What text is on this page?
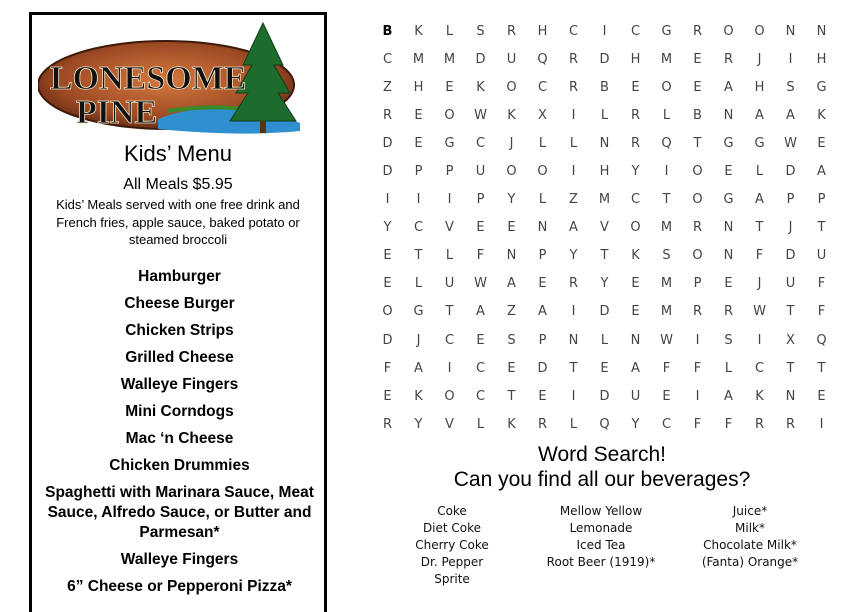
LONESOME
PINE
Kids’ Menu
All Meals $5.95
Kids’ Meals served with one free drink and French fries, apple sauce, baked potato or steamed broccoli
Hamburger
Cheese Burger
Chicken Strips
Grilled Cheese
Walleye Fingers
Mini Corndogs
Mac ‘n Cheese
Chicken Drummies
Spaghetti with Marinara Sauce, Meat Sauce, Alfredo Sauce, or Butter and Parmesan*
Walleye Fingers
6” Cheese or Pepperoni Pizza*
B	K	L	S	R	H	C	I	C	G	R	O	O	N	N
C	M	M	D	U	Q	R	D	H	M	E	R	J	I	H
Z	H	E	K	O	C	R	B	E	O	E	A	H	S	G
R	E	O	W	K	X	I	L	R	L	B	N	A	A	K
D	E	G	C	J	L	L	N	R	Q	T	G	G	W	E
D	P	P	U	O	O	I	H	Y	I	O	E	L	D	A
I	I	I	P	Y	L	Z	M	C	T	O	G	A	P	P
Y	C	V	E	E	N	A	V	O	M	R	N	T	J	T
E	T	L	F	N	P	Y	T	K	S	O	N	F	D	U
E	L	U	W	A	E	R	Y	E	M	P	E	J	U	F
O	G	T	A	Z	A	I	D	E	M	R	R	W	T	F
D	J	C	E	S	P	N	L	N	W	I	S	I	X	Q
F	A	I	C	E	D	T	E	A	F	F	L	C	T	T
E	K	O	C	T	E	I	D	U	E	I	A	K	N	E
R	Y	V	L	K	R	L	Q	Y	C	F	F	R	R	I
Word Search!
Can you find all our beverages?
Coke
Diet Coke
Cherry Coke
Dr. Pepper
Sprite
Mellow Yellow
Lemonade
Iced Tea
Root Beer (1919)*
Juice*
Milk*
Chocolate Milk*
(Fanta) Orange*
